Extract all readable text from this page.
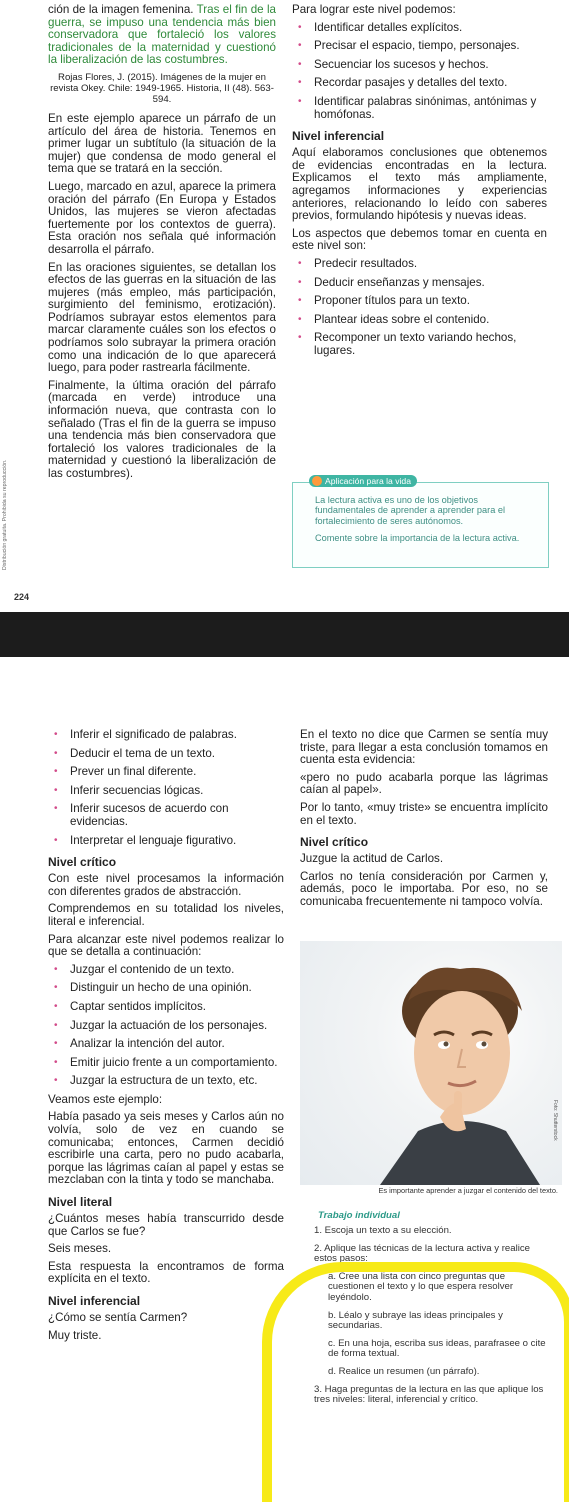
Distribución gratuita. Prohibida su reproducción.

ción de la imagen femenina. Tras el fin de la guerra, se impuso una tendencia más bien conservadora que fortaleció los valores tradicionales de la maternidad y cuestionó la liberalización de las costumbres.

Rojas Flores, J. (2015). Imágenes de la mujer en revista Okey. Chile: 1949-1965. Historia, II (48). 563-594.

En este ejemplo aparece un párrafo de un artículo del área de historia. Tenemos en primer lugar un subtítulo (la situación de la mujer) que condensa de modo general el tema que se tratará en la sección.

Luego, marcado en azul, aparece la primera oración del párrafo (En Europa y Estados Unidos, las mujeres se vieron afectadas fuertemente por los contextos de guerra). Esta oración nos señala qué información desarrolla el párrafo.

En las oraciones siguientes, se detallan los efectos de las guerras en la situación de las mujeres (más empleo, más participación, surgimiento del feminismo, erotización). Podríamos subrayar estos elementos para marcar claramente cuáles son los efectos o podríamos solo subrayar la primera oración como una indicación de lo que aparecerá luego, para poder rastrearla fácilmente.

Finalmente, la última oración del párrafo (marcada en verde) introduce una información nueva, que contrasta con lo señalado (Tras el fin de la guerra se impuso una tendencia más bien conservadora que fortaleció los valores tradicionales de la maternidad y cuestionó la liberalización de las costumbres).

224

Para lograr este nivel podemos:

• Identificar detalles explícitos.
• Precisar el espacio, tiempo, personajes.
• Secuenciar los sucesos y hechos.
• Recordar pasajes y detalles del texto.
• Identificar palabras sinónimas, antónimas y homófonas.
Nivel inferencial

Aquí elaboramos conclusiones que obtenemos de evidencias encontradas en la lectura. Explicamos el texto más ampliamente, agregamos informaciones y experiencias anteriores, relacionando lo leído con saberes previos, formulando hipótesis y nuevas ideas.

Los aspectos que debemos tomar en cuenta en este nivel son:

• Predecir resultados.
• Deducir enseñanzas y mensajes.
• Proponer títulos para un texto.
• Plantear ideas sobre el contenido.
• Recomponer un texto variando hechos, lugares.
Aplicación para la vida
La lectura activa es uno de los objetivos fundamentales de aprender a aprender para el fortalecimiento de seres autónomos.
Comente sobre la importancia de la lectura activa.
• Inferir el significado de palabras.
• Deducir el tema de un texto.
• Prever un final diferente.
• Inferir secuencias lógicas.
• Inferir sucesos de acuerdo con evidencias.
• Interpretar el lenguaje figurativo.
Nivel crítico

Con este nivel procesamos la información con diferentes grados de abstracción.

Comprendemos en su totalidad los niveles, literal e inferencial.

Para alcanzar este nivel podemos realizar lo que se detalla a continuación:

• Juzgar el contenido de un texto.
• Distinguir un hecho de una opinión.
• Captar sentidos implícitos.
• Juzgar la actuación de los personajes.
• Analizar la intención del autor.
• Emitir juicio frente a un comportamiento.
• Juzgar la estructura de un texto, etc.

Veamos este ejemplo:

Había pasado ya seis meses y Carlos aún no volvía, solo de vez en cuando se comunicaba; entonces, Carmen decidió escribirle una carta, pero no pudo acabarla, porque las lágrimas caían al papel y estas se mezclaban con la tinta y todo se manchaba.

Nivel literal

¿Cuántos meses había transcurrido desde que Carlos se fue?

Seis meses.

Esta respuesta la encontramos de forma explícita en el texto.

Nivel inferencial

¿Cómo se sentía Carmen?

Muy triste.

En el texto no dice que Carmen se sentía muy triste, para llegar a esta conclusión tomamos en cuenta esta evidencia:

«pero no pudo acabarla porque las lágrimas caían al papel».

Por lo tanto, «muy triste» se encuentra implícito en el texto.

Nivel crítico

Juzgue la actitud de Carlos.

Carlos no tenía consideración por Carmen y, además, poco le importaba. Por eso, no se comunicaba frecuentemente ni tampoco volvía.

Foto: Shutterstock
Es importante aprender a juzgar el contenido del texto.
Trabajo individual
1. Escoja un texto a su elección.
2. Aplique las técnicas de la lectura activa y realice estos pasos:
a. Cree una lista con cinco preguntas que cuestionen el texto y lo que espera resolver leyéndolo.
b. Léalo y subraye las ideas principales y secundarias.
c. En una hoja, escriba sus ideas, parafrasee o cite de forma textual.
d. Realice un resumen (un párrafo).
3. Haga preguntas de la lectura en las que aplique los tres niveles: literal, inferencial y crítico.
